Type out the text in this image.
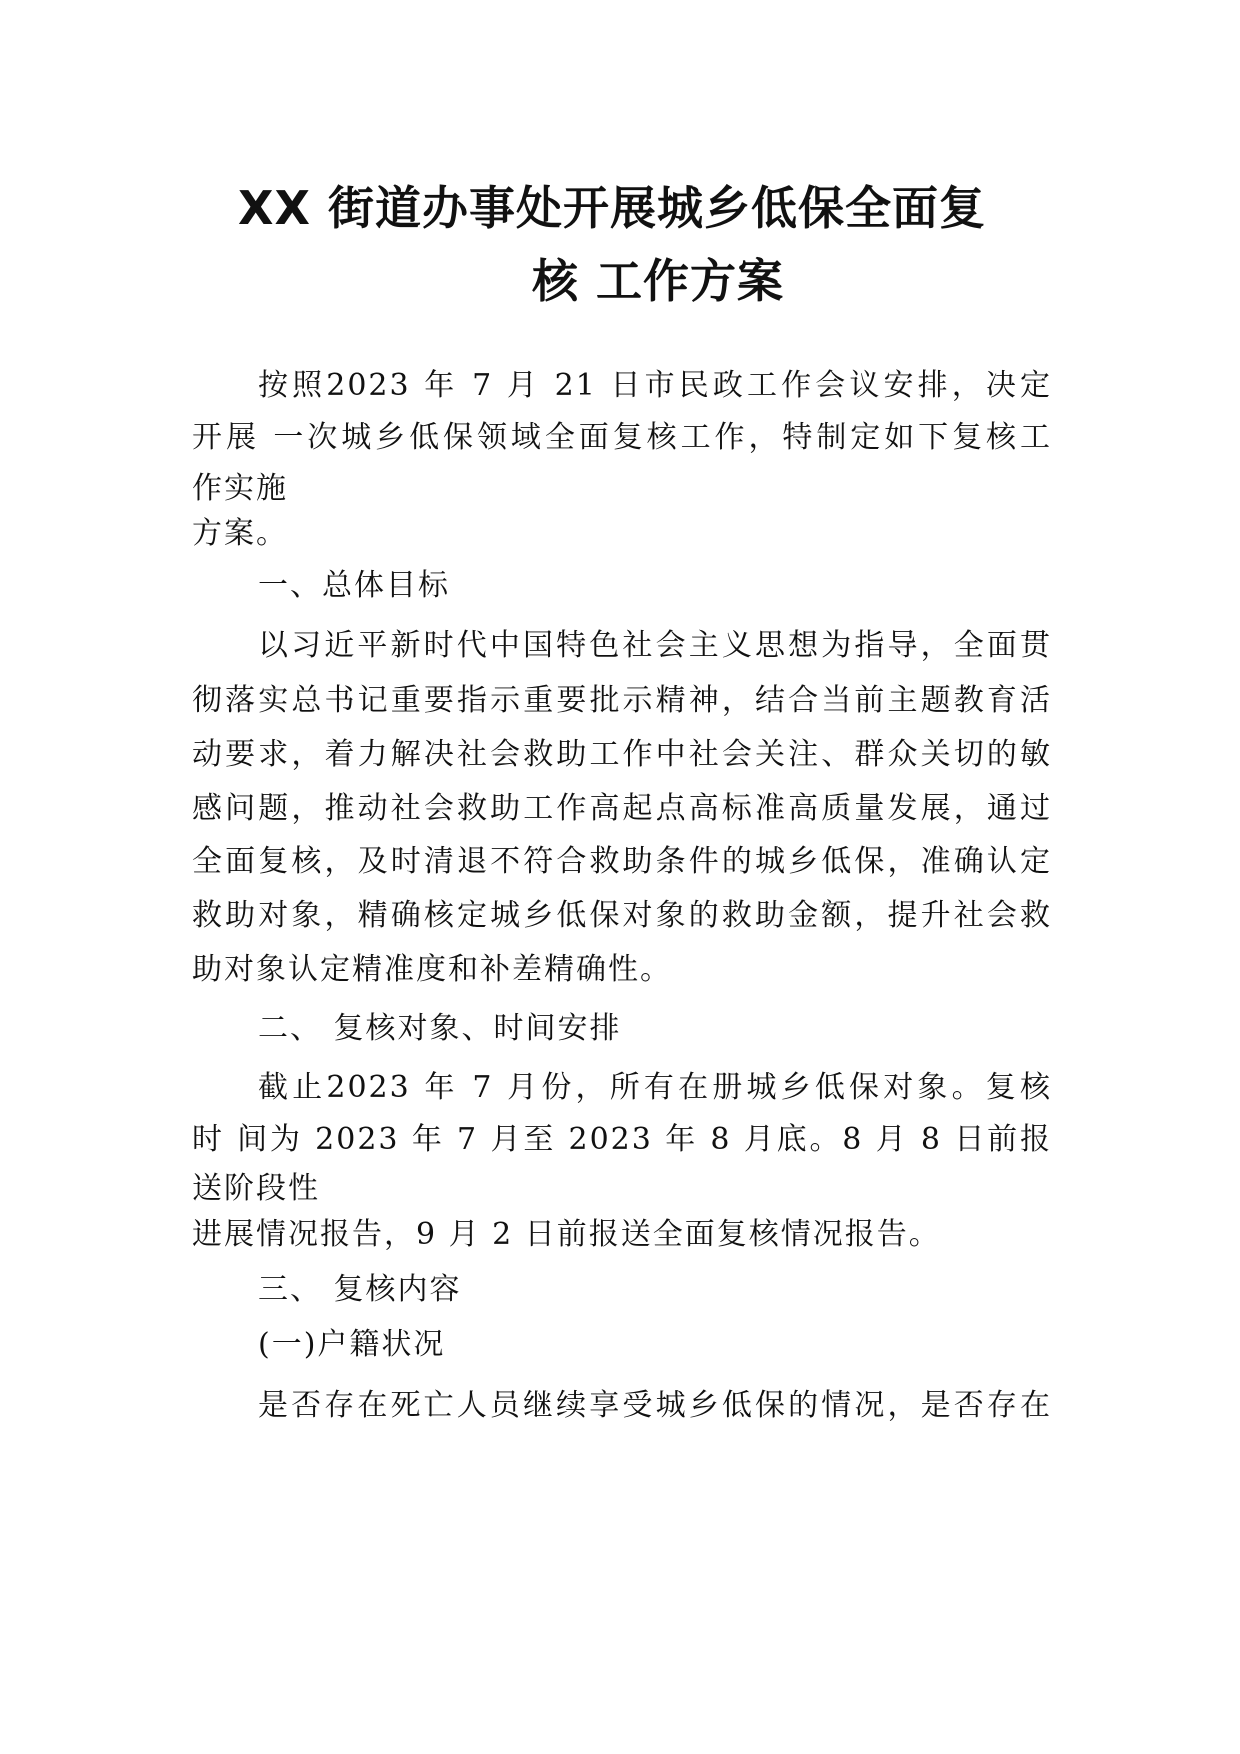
XX 街道办事处开展城乡低保全面复
核 工作方案
按照2023 年 7 月 21 日市民政工作会议安排，决定
开展 一次城乡低保领域全面复核工作，特制定如下复核工
作实施
方案。
一、总体目标
以习近平新时代中国特色社会主义思想为指导，全面贯
彻落实总书记重要指示重要批示精神，结合当前主题教育活
动要求，着力解决社会救助工作中社会关注、群众关切的敏
感问题，推动社会救助工作高起点高标准高质量发展，通过
全面复核，及时清退不符合救助条件的城乡低保，准确认定
救助对象，精确核定城乡低保对象的救助金额，提升社会救
助对象认定精准度和补差精确性。
二、 复核对象、时间安排
截止2023 年 7 月份，所有在册城乡低保对象。复核
时 间为 2023 年 7 月至 2023 年 8 月底。8 月 8 日前报
送阶段性
进展情况报告，9 月 2 日前报送全面复核情况报告。
三、 复核内容
(一)户籍状况
是否存在死亡人员继续享受城乡低保的情况，是否存在
